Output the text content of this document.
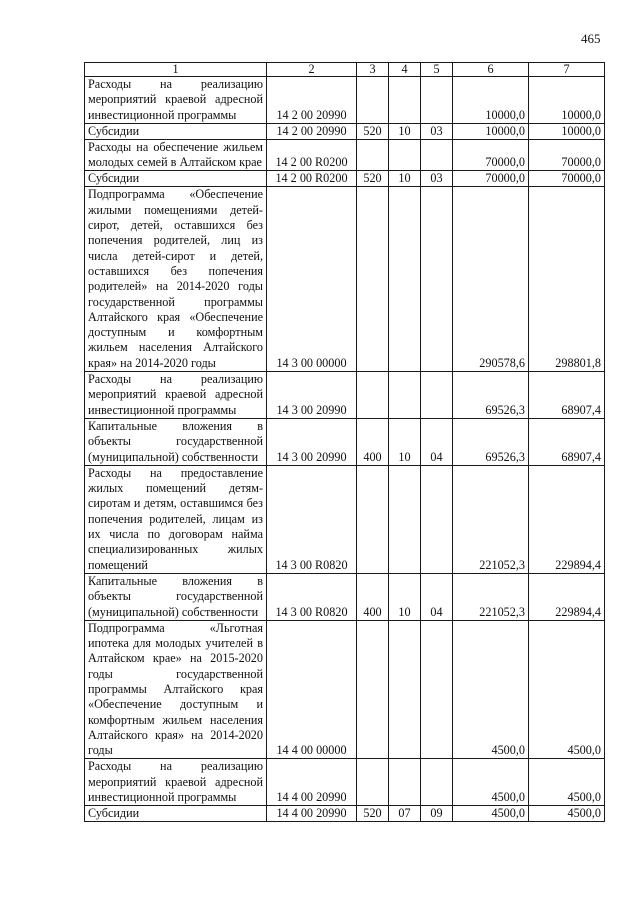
465
1	2	3	4	5	6	7
Расходы на реализацию мероприятий краевой адресной инвестиционной программы	14 2 00 20990				10000,0	10000,0
Субсидии	14 2 00 20990	520	10	03	10000,0	10000,0
Расходы на обеспечение жильем молодых семей в Алтайском крае	14 2 00 R0200				70000,0	70000,0
Субсидии	14 2 00 R0200	520	10	03	70000,0	70000,0
Подпрограмма «Обеспечение жилыми помещениями детей-сирот, детей, оставшихся без попечения родителей, лиц из числа детей-сирот и детей, оставшихся без попечения родителей» на 2014-2020 годы государственной программы Алтайского края «Обеспечение доступным и комфортным жильем населения Алтайского края» на 2014-2020 годы	14 3 00 00000				290578,6	298801,8
Расходы на реализацию мероприятий краевой адресной инвестиционной программы	14 3 00 20990				69526,3	68907,4
Капитальные вложения в объекты государственной (муниципальной) собственности	14 3 00 20990	400	10	04	69526,3	68907,4
Расходы на предоставление жилых помещений детям-сиротам и детям, оставшимся без попечения родителей, лицам из их числа по договорам найма специализированных жилых помещений	14 3 00 R0820				221052,3	229894,4
Капитальные вложения в объекты государственной (муниципальной) собственности	14 3 00 R0820	400	10	04	221052,3	229894,4
Подпрограмма «Льготная ипотека для молодых учителей в Алтайском крае» на 2015-2020 годы государственной программы Алтайского края «Обеспечение доступным и комфортным жильем населения Алтайского края» на 2014-2020 годы	14 4 00 00000				4500,0	4500,0
Расходы на реализацию мероприятий краевой адресной инвестиционной программы	14 4 00 20990				4500,0	4500,0
Субсидии	14 4 00 20990	520	07	09	4500,0	4500,0
